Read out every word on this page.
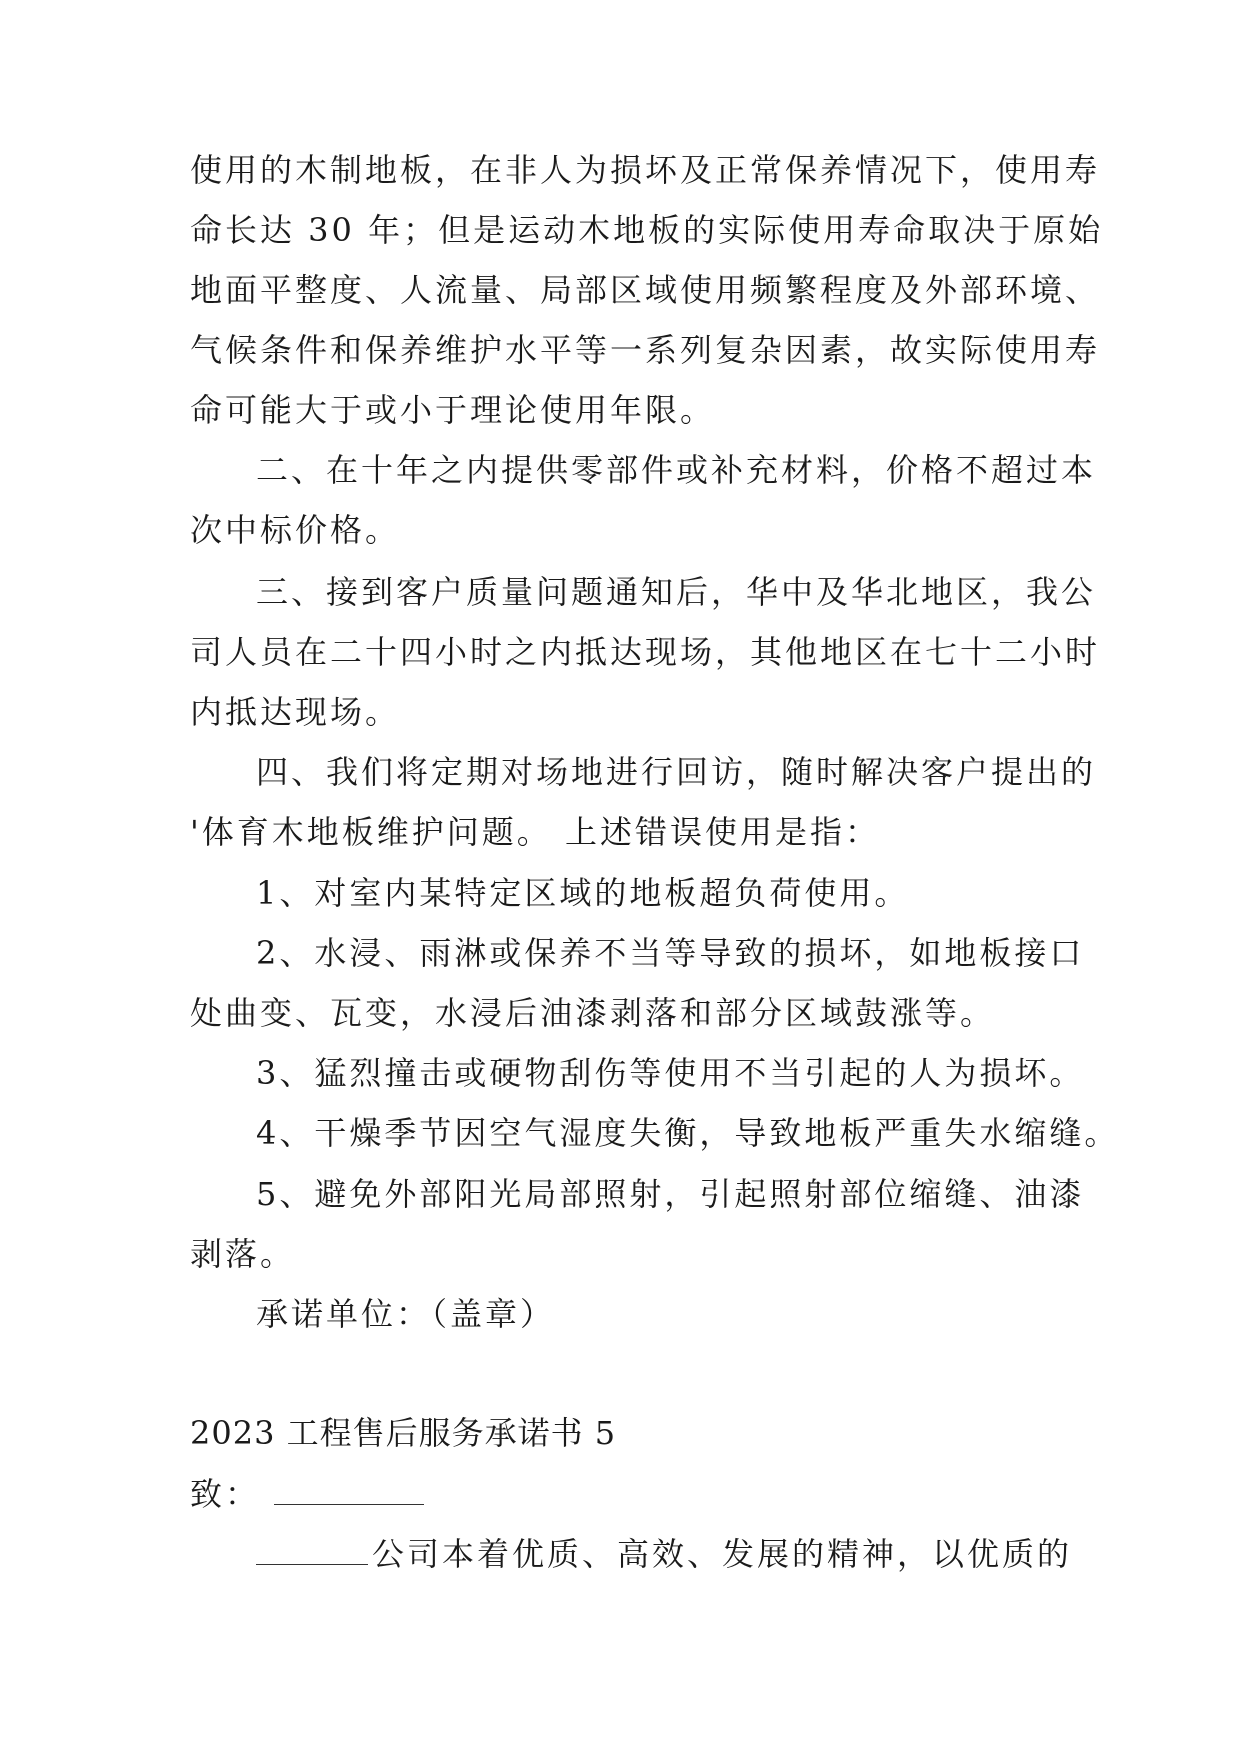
使用的木制地板，在非人为损坏及正常保养情况下，使用寿
命长达 30 年；但是运动木地板的实际使用寿命取决于原始
地面平整度、人流量、局部区域使用频繁程度及外部环境、
气候条件和保养维护水平等一系列复杂因素，故实际使用寿
命可能大于或小于理论使用年限。
二、在十年之内提供零部件或补充材料，价格不超过本
次中标价格。
三、接到客户质量问题通知后，华中及华北地区，我公
司人员在二十四小时之内抵达现场，其他地区在七十二小时
内抵达现场。
四、我们将定期对场地进行回访，随时解决客户提出的
'体育木地板维护问题。 上述错误使用是指：
1、对室内某特定区域的地板超负荷使用。
2、水浸、雨淋或保养不当等导致的损坏，如地板接口
处曲变、瓦变，水浸后油漆剥落和部分区域鼓涨等。
3、猛烈撞击或硬物刮伤等使用不当引起的人为损坏。
4、干燥季节因空气湿度失衡，导致地板严重失水缩缝。
5、避免外部阳光局部照射，引起照射部位缩缝、油漆
剥落。
承诺单位：（盖章）
2023 工程售后服务承诺书 5
致：
公司本着优质、高效、发展的精神，以优质的
